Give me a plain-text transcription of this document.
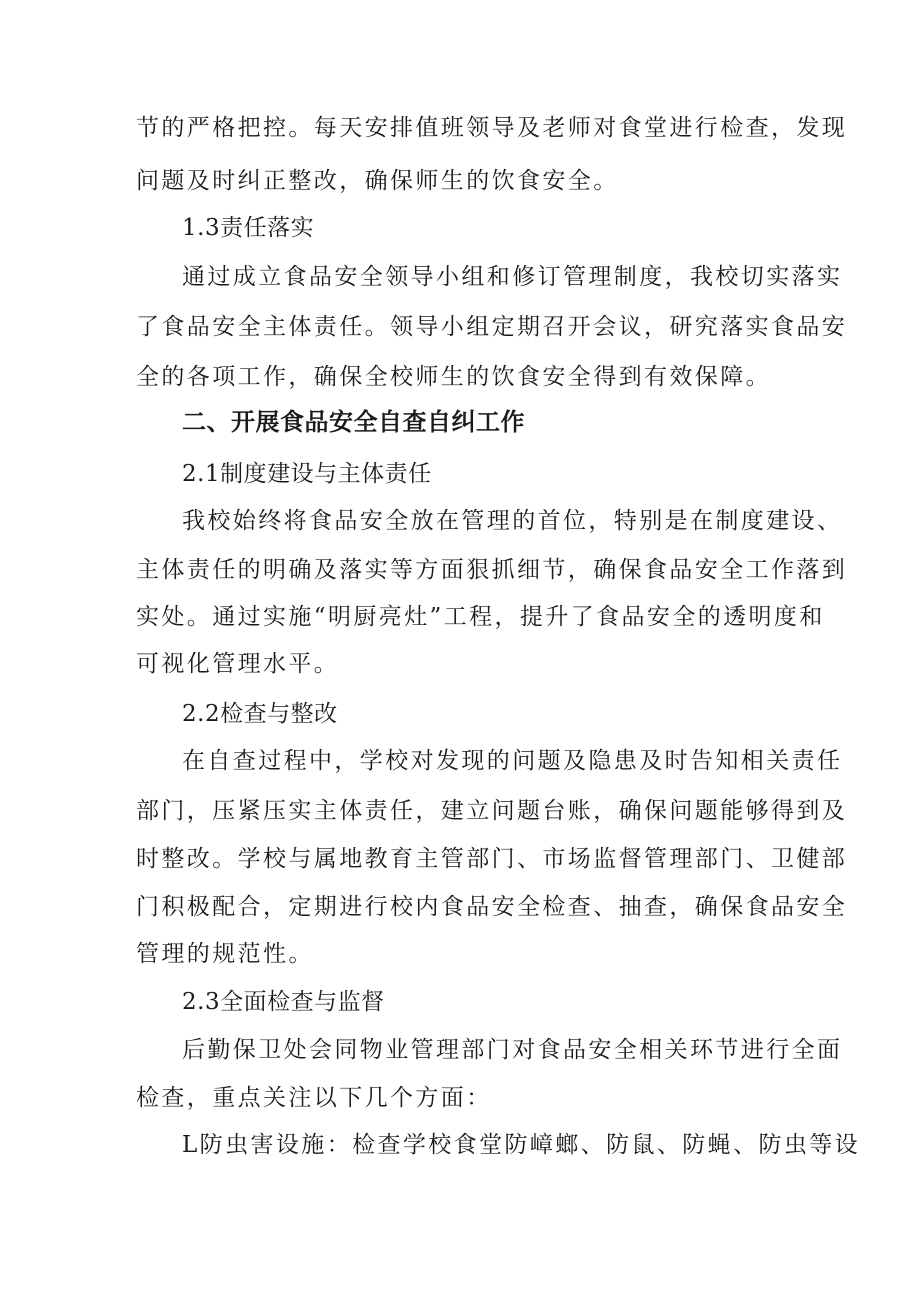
节的严格把控。每天安排值班领导及老师对食堂进行检查，发现
问题及时纠正整改，确保师生的饮食安全。
1.3责任落实
通过成立食品安全领导小组和修订管理制度，我校切实落实
了食品安全主体责任。领导小组定期召开会议，研究落实食品安
全的各项工作，确保全校师生的饮食安全得到有效保障。
二、开展食品安全自查自纠工作
2.1制度建设与主体责任
我校始终将食品安全放在管理的首位，特别是在制度建设、
主体责任的明确及落实等方面狠抓细节，确保食品安全工作落到
实处。通过实施“明厨亮灶”工程，提升了食品安全的透明度和
可视化管理水平。
2.2检查与整改
在自查过程中，学校对发现的问题及隐患及时告知相关责任
部门，压紧压实主体责任，建立问题台账，确保问题能够得到及
时整改。学校与属地教育主管部门、市场监督管理部门、卫健部
门积极配合，定期进行校内食品安全检查、抽查，确保食品安全
管理的规范性。
2.3全面检查与监督
后勤保卫处会同物业管理部门对食品安全相关环节进行全面
检查，重点关注以下几个方面：
L防虫害设施：检查学校食堂防嶂螂、防鼠、防蝇、防虫等设
